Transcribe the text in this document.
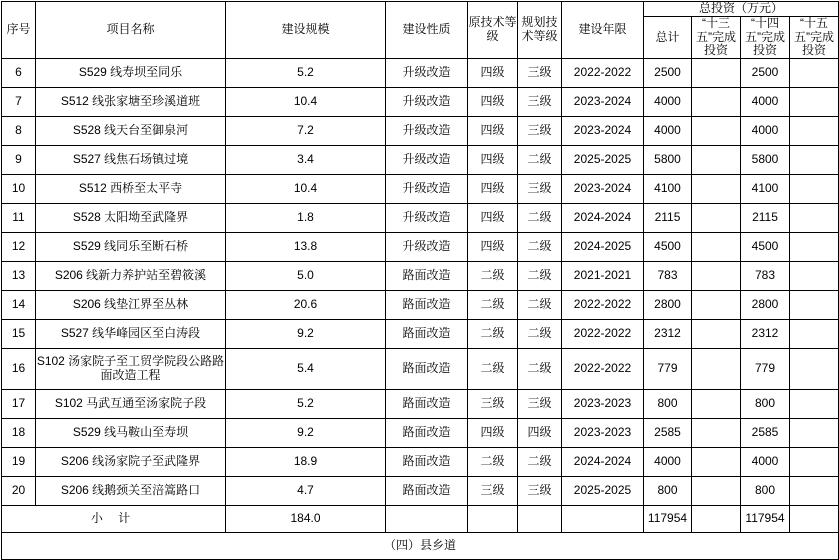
序号	项目名称	建设规模	建设性质	原技术等级	规划技术等级	建设年限	总投资（万元）			
							总计	“十三五”完成投资	“十四五”完成投资	“十五五”完成投资
6	S529 线寿坝至同乐	5.2	升级改造	四级	三级	2022-2022	2500		2500	
7	S512 线张家塘至珍溪道班	10.4	升级改造	四级	三级	2023-2024	4000		4000	
8	S528 线天台至御泉河	7.2	升级改造	四级	三级	2023-2024	4000		4000	
9	S527 线焦石场镇过境	3.4	升级改造	四级	二级	2025-2025	5800		5800	
10	S512 西桥至太平寺	10.4	升级改造	四级	三级	2023-2024	4100		4100	
11	S528 太阳坳至武隆界	1.8	升级改造	四级	二级	2024-2024	2115		2115	
12	S529 线同乐至断石桥	13.8	升级改造	四级	二级	2024-2025	4500		4500	
13	S206 线新力养护站至碧筱溪	5.0	路面改造	二级	二级	2021-2021	783		783	
14	S206 线垫江界至丛林	20.6	路面改造	二级	二级	2022-2022	2800		2800	
15	S527 线华峰园区至白涛段	9.2	路面改造	二级	二级	2022-2022	2312		2312	
16	S102 汤家院子至工贸学院段公路路面改造工程	5.4	路面改造	二级	二级	2022-2022	779		779	
17	S102 马武互通至汤家院子段	5.2	路面改造	三级	三级	2023-2023	800		800	
18	S529 线马鞍山至寿坝	9.2	路面改造	四级	四级	2023-2023	2585		2585	
19	S206 线汤家院子至武隆界	18.9	路面改造	二级	二级	2024-2024	4000		4000	
20	S206 线鹅颈关至涪篙路口	4.7	路面改造	三级	三级	2025-2025	800		800	
小 计		184.0					117954		117954	
（四）县乡道										
